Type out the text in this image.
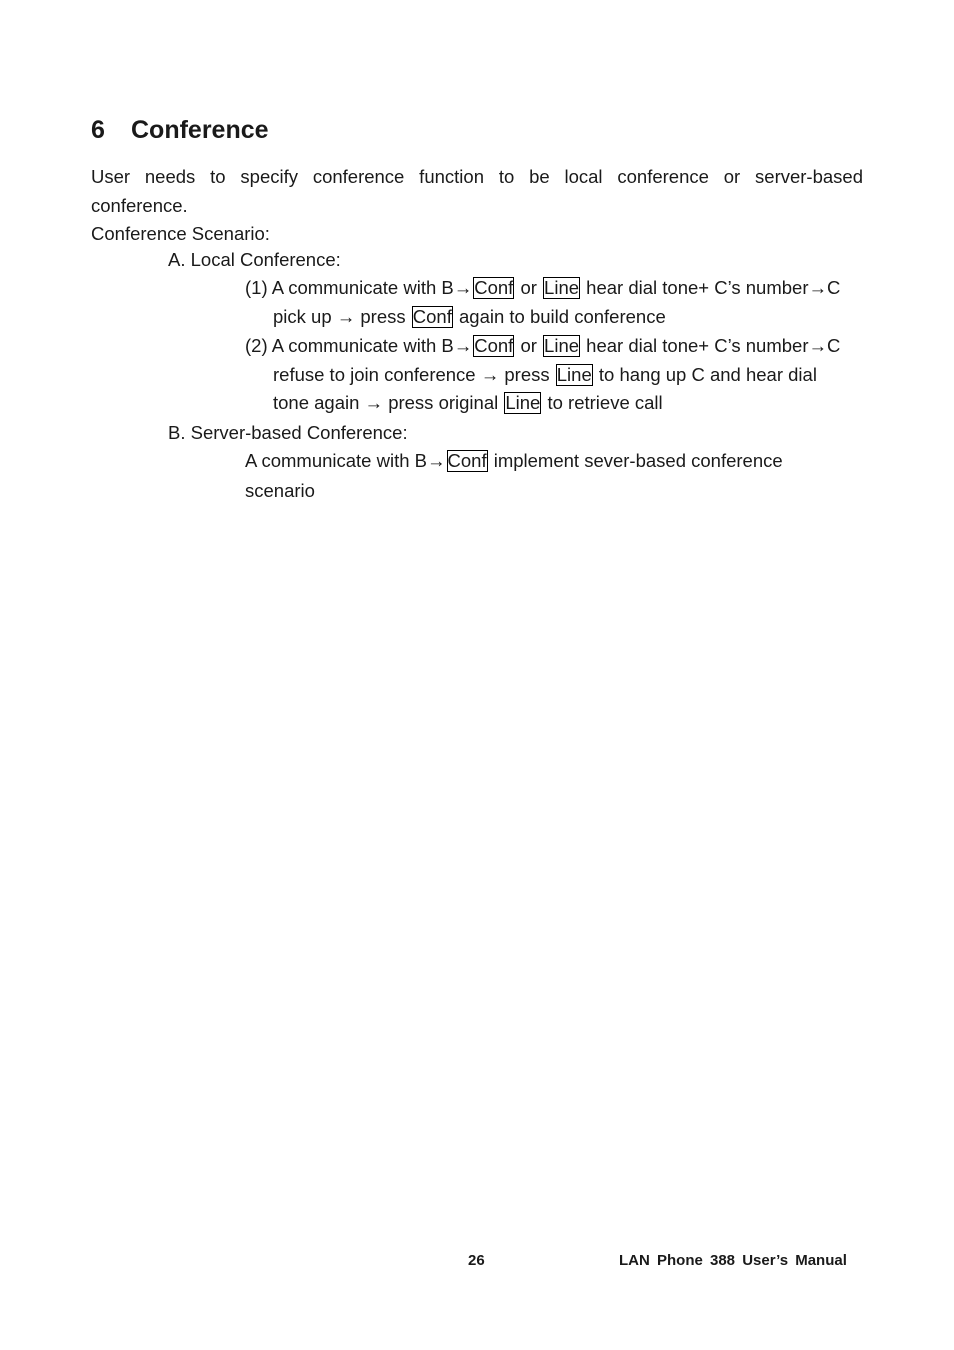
6 Conference
User needs to specify conference function to be local conference or server-based
conference.
Conference Scenario:
A. Local Conference:
(1) A communicate with B→ Conf or Line hear dial tone+ C’s number→C
pick up → press Conf again to build conference
(2) A communicate with B→ Conf or Line hear dial tone+ C’s number→C
refuse to join conference → press Line to hang up C and hear dial
tone again → press original Line to retrieve call
B. Server-based Conference:
A communicate with B→ Conf implement sever-based conference
scenario
26	LAN Phone 388 User’s Manual
